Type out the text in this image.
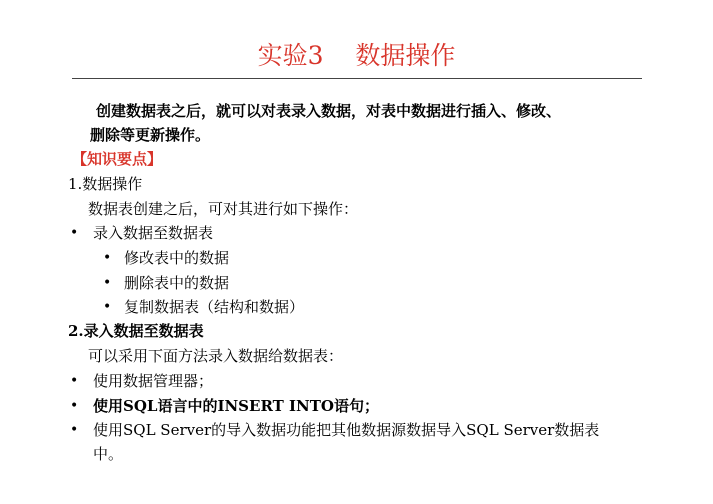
实验3    数据操作
创建数据表之后，就可以对表录入数据，对表中数据进行插入、修改、
删除等更新操作。
【知识要点】
1.数据操作
数据表创建之后，可对其进行如下操作：
• 录入数据至数据表
• 修改表中的数据
• 删除表中的数据
• 复制数据表（结构和数据）
2.录入数据至数据表
可以采用下面方法录入数据给数据表：
• 使用数据管理器；
• 使用SQL语言中的INSERT INTO语句；
• 使用SQL Server的导入数据功能把其他数据源数据导入SQL Server数据表
中。
